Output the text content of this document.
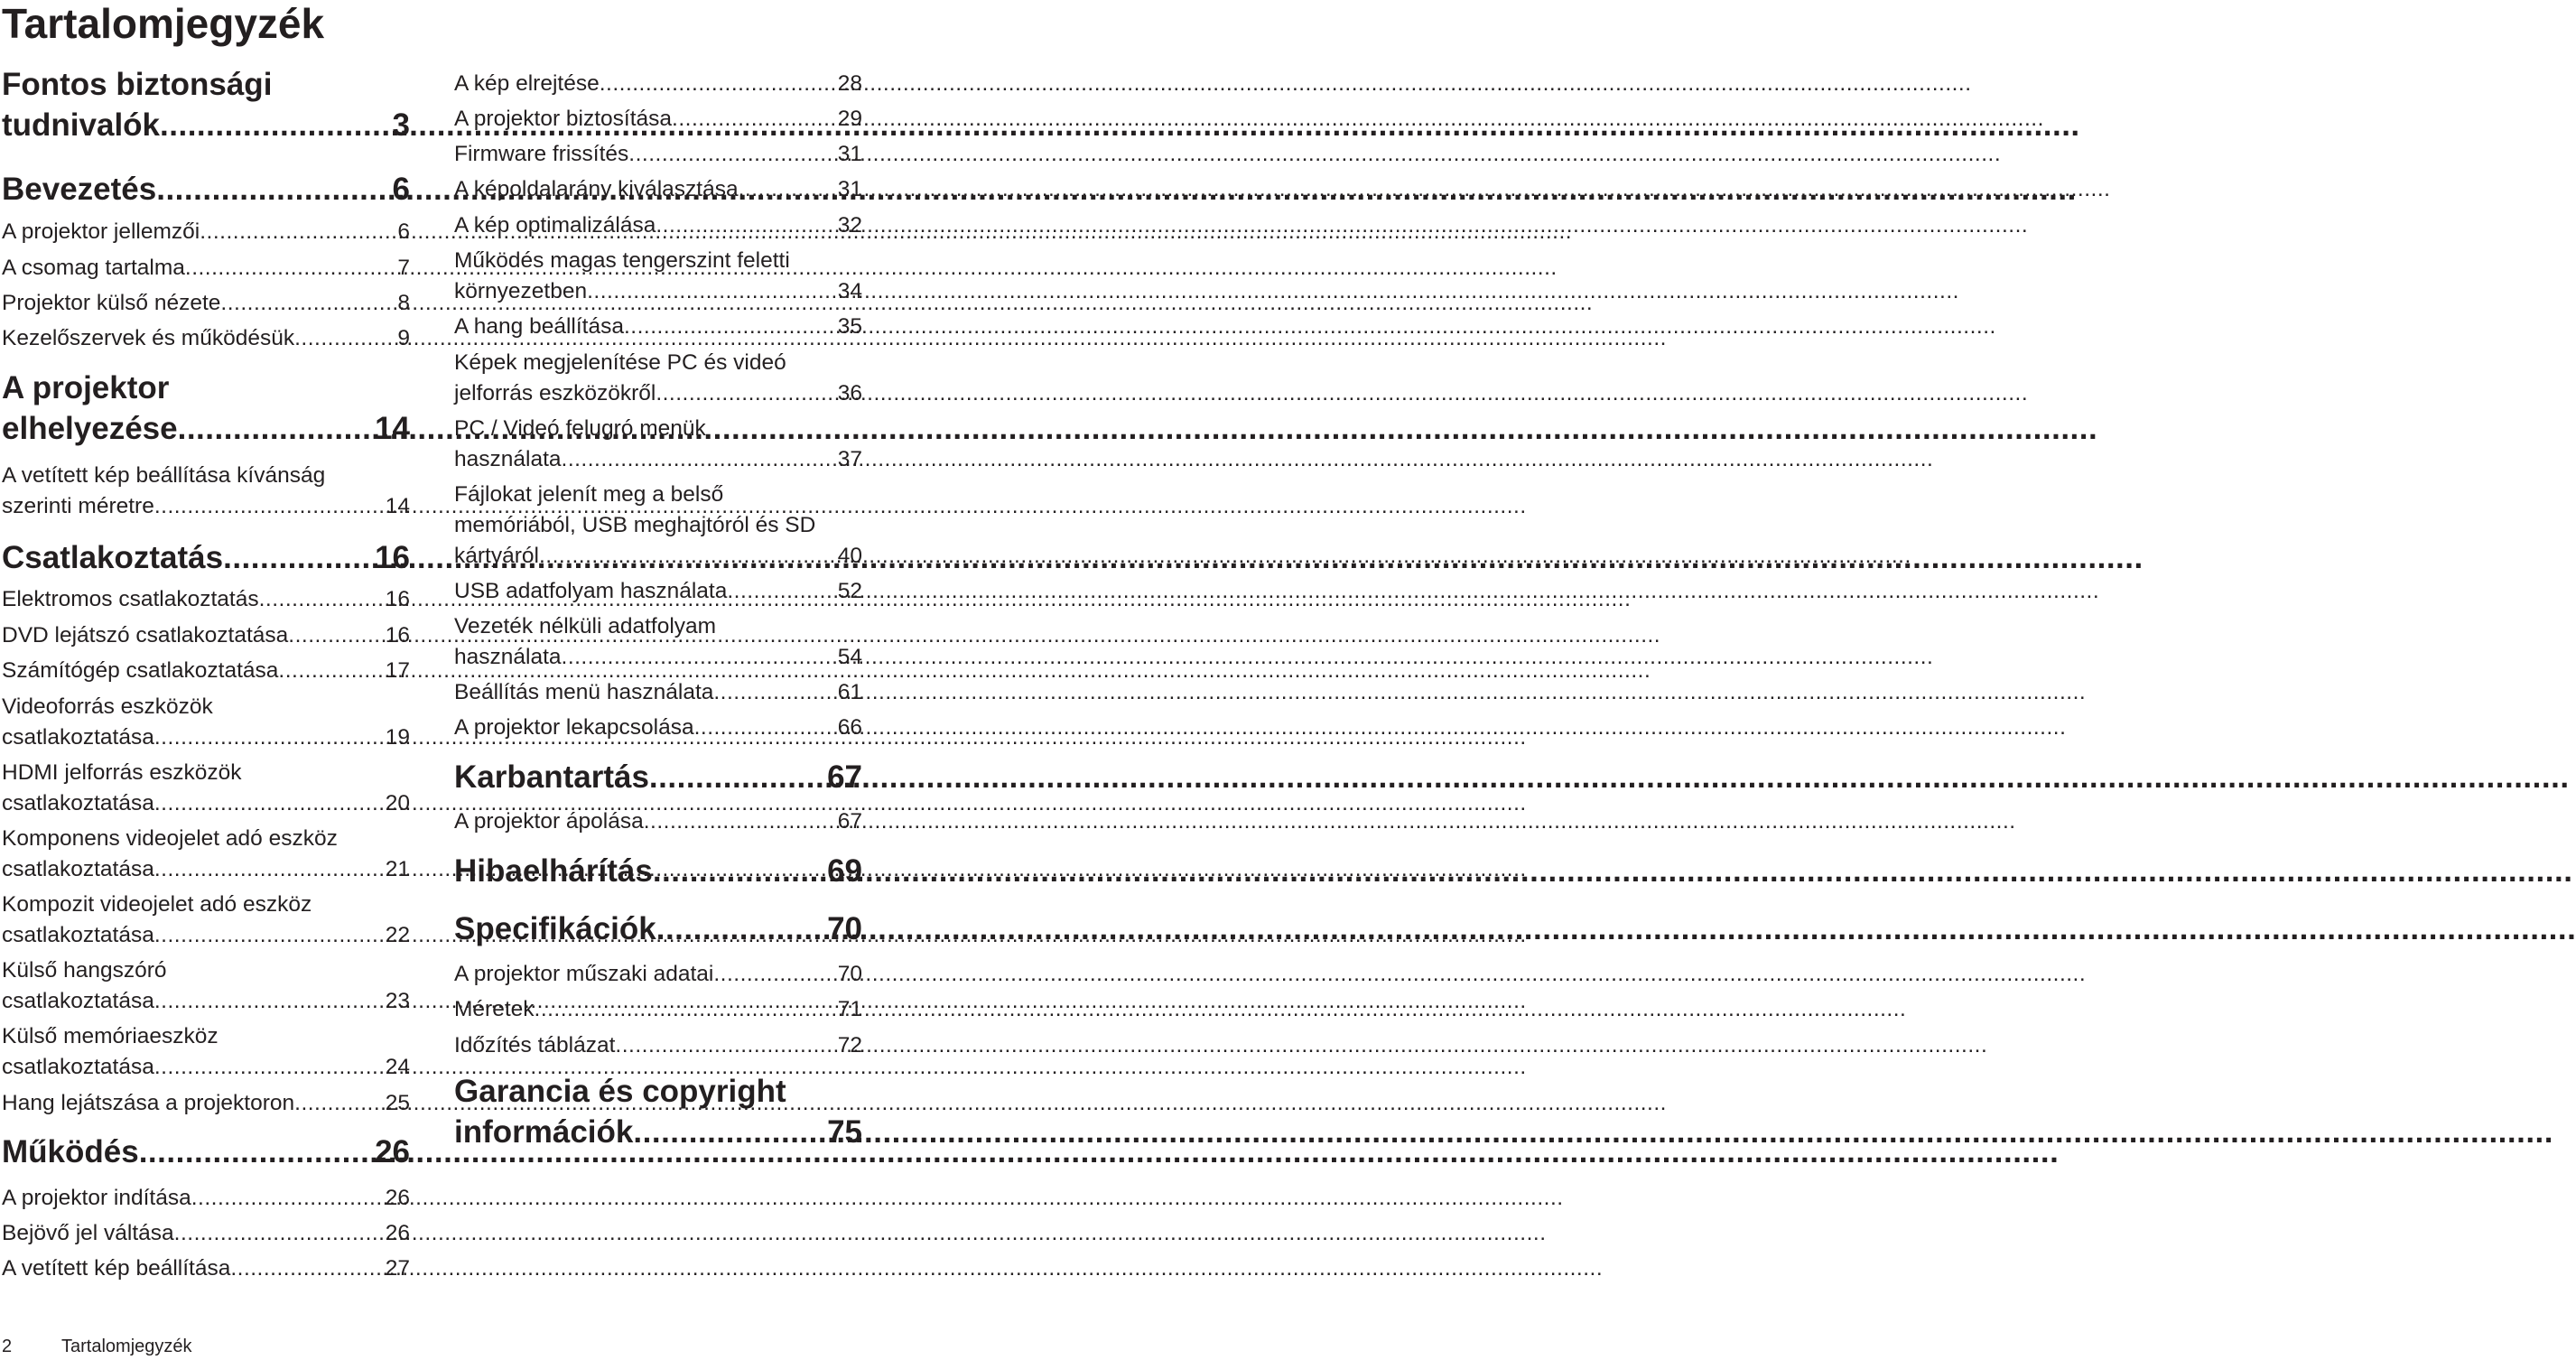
Tartalomjegyzék
Fontos biztonsági
tudnivalók .....	3
Bevezetés .....	6
A projektor jellemzői .....	6
A csomag tartalma .....	7
Projektor külső nézete .....	8
Kezelőszervek és működésük .....	9
A projektor
elhelyezése .....	14
A vetített kép beállítása kívánság
szerinti méretre .....	14
Csatlakoztatás .....	16
Elektromos csatlakoztatás .....	16
DVD lejátszó csatlakoztatása .....	16
Számítógép csatlakoztatása .....	17
Videoforrás eszközök
csatlakoztatása .....	19
HDMI jelforrás eszközök
csatlakoztatása .....	20
Komponens videojelet adó eszköz
csatlakoztatása .....	21
Kompozit videojelet adó eszköz
csatlakoztatása .....	22
Külső hangszóró
csatlakoztatása .....	23
Külső memóriaeszköz
csatlakoztatása .....	24
Hang lejátszása a projektoron .....	25
Működés .....	26
A projektor indítása .....	26
Bejövő jel váltása .....	26
A vetített kép beállítása .....	27
A kép elrejtése .....	28
A projektor biztosítása .....	29
Firmware frissítés .....	31
A képoldalarány kiválasztása .....	31
A kép optimalizálása .....	32
Működés magas tengerszint feletti
környezetben .....	34
A hang beállítása .....	35
Képek megjelenítése PC és videó
jelforrás eszközökről .....	36
PC / Videó felugró menük
használata .....	37
Fájlokat jelenít meg a belső
memóriából, USB meghajtóról és SD
kártyáról .....	40
USB adatfolyam használata .....	52
Vezeték nélküli adatfolyam
használata .....	54
Beállítás menü használata .....	61
A projektor lekapcsolása .....	66
Karbantartás .....	67
A projektor ápolása .....	67
Hibaelhárítás .....	69
Specifikációk .....	70
A projektor műszaki adatai .....	70
Méretek .....	71
Időzítés táblázat .....	72
Garancia és copyright
információk .....	75
2	Tartalomjegyzék
